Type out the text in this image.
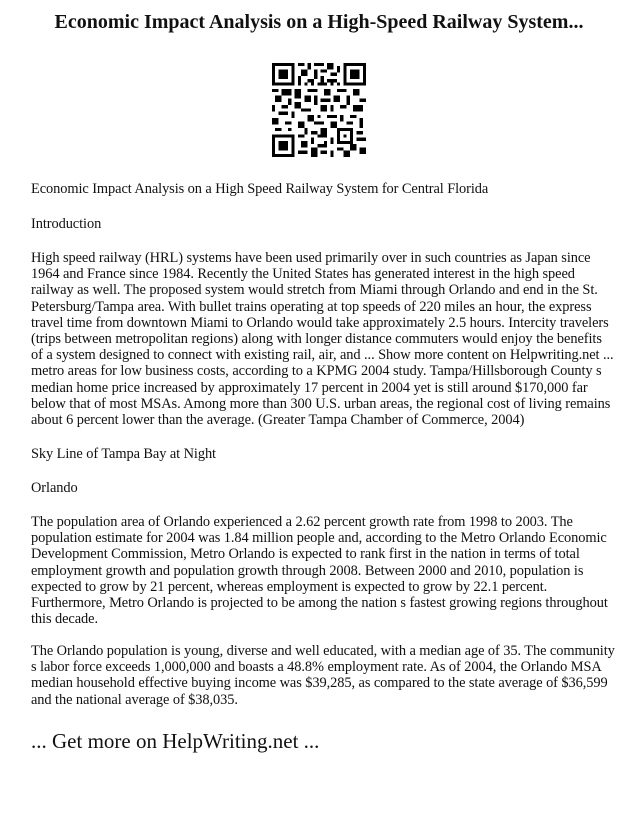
Economic Impact Analysis on a High-Speed Railway System...

Economic Impact Analysis on a High Speed Railway System for Central Florida

Introduction

High speed railway (HRL) systems have been used primarily over in such countries as Japan since 1964 and France since 1984. Recently the United States has generated interest in the high speed railway as well. The proposed system would stretch from Miami through Orlando and end in the St. Petersburg/Tampa area. With bullet trains operating at top speeds of 220 miles an hour, the express travel time from downtown Miami to Orlando would take approximately 2.5 hours. Intercity travelers (trips between metropolitan regions) along with longer distance commuters would enjoy the benefits of a system designed to connect with existing rail, air, and ... Show more content on Helpwriting.net ... metro areas for low business costs, according to a KPMG 2004 study. Tampa/Hillsborough County s median home price increased by approximately 17 percent in 2004 yet is still around $170,000 far below that of most MSAs. Among more than 300 U.S. urban areas, the regional cost of living remains about 6 percent lower than the average. (Greater Tampa Chamber of Commerce, 2004)

Sky Line of Tampa Bay at Night

Orlando

The population area of Orlando experienced a 2.62 percent growth rate from 1998 to 2003. The population estimate for 2004 was 1.84 million people and, according to the Metro Orlando Economic Development Commission, Metro Orlando is expected to rank first in the nation in terms of total employment growth and population growth through 2008. Between 2000 and 2010, population is expected to grow by 21 percent, whereas employment is expected to grow by 22.1 percent. Furthermore, Metro Orlando is projected to be among the nation s fastest growing regions throughout this decade.

The Orlando population is young, diverse and well educated, with a median age of 35. The community s labor force exceeds 1,000,000 and boasts a 48.8% employment rate. As of 2004, the Orlando MSA median household effective buying income was $39,285, as compared to the state average of $36,599 and the national average of $38,035.

... Get more on HelpWriting.net ...
